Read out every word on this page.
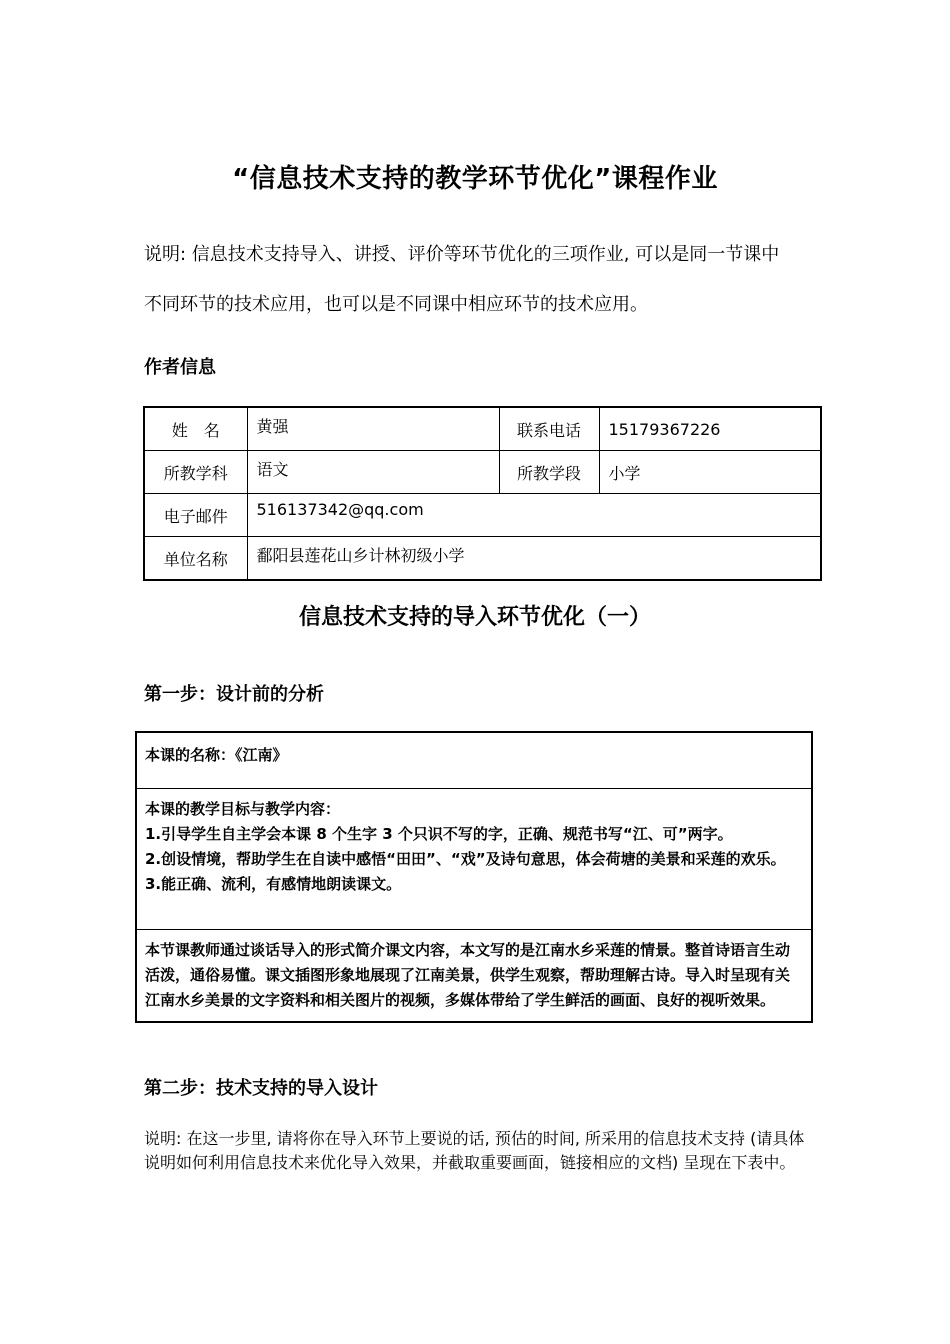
“信息技术支持的教学环节优化”课程作业
说明: 信息技术支持导入、讲授、评价等环节优化的三项作业, 可以是同一节课中
不同环节的技术应用，也可以是不同课中相应环节的技术应用。
作者信息
姓　名	黄强	联系电话	15179367226
所教学科	语文	所教学段	小学
电子邮件	516137342@qq.com		
单位名称	鄱阳县莲花山乡计林初级小学		
信息技术支持的导入环节优化（一）
第一步：设计前的分析
本课的名称：《江南》
本课的教学目标与教学内容：
1.引导学生自主学会本课 8 个生字 3 个只识不写的字，正确、规范书写“江、可”两字。
2.创设情境，帮助学生在自读中感悟“田田”、“戏”及诗句意思，体会荷塘的美景和采莲的欢乐。
3.能正确、流利，有感情地朗读课文。
本节课教师通过谈话导入的形式简介课文内容，本文写的是江南水乡采莲的情景。整首诗语言生动活泼，通俗易懂。课文插图形象地展现了江南美景，供学生观察，帮助理解古诗。导入时呈现有关江南水乡美景的文字资料和相关图片的视频，多媒体带给了学生鲜活的画面、良好的视听效果。
第二步：技术支持的导入设计
说明: 在这一步里, 请将你在导入环节上要说的话, 预估的时间, 所采用的信息技术支持 (请具体说明如何利用信息技术来优化导入效果，并截取重要画面，链接相应的文档) 呈现在下表中。
